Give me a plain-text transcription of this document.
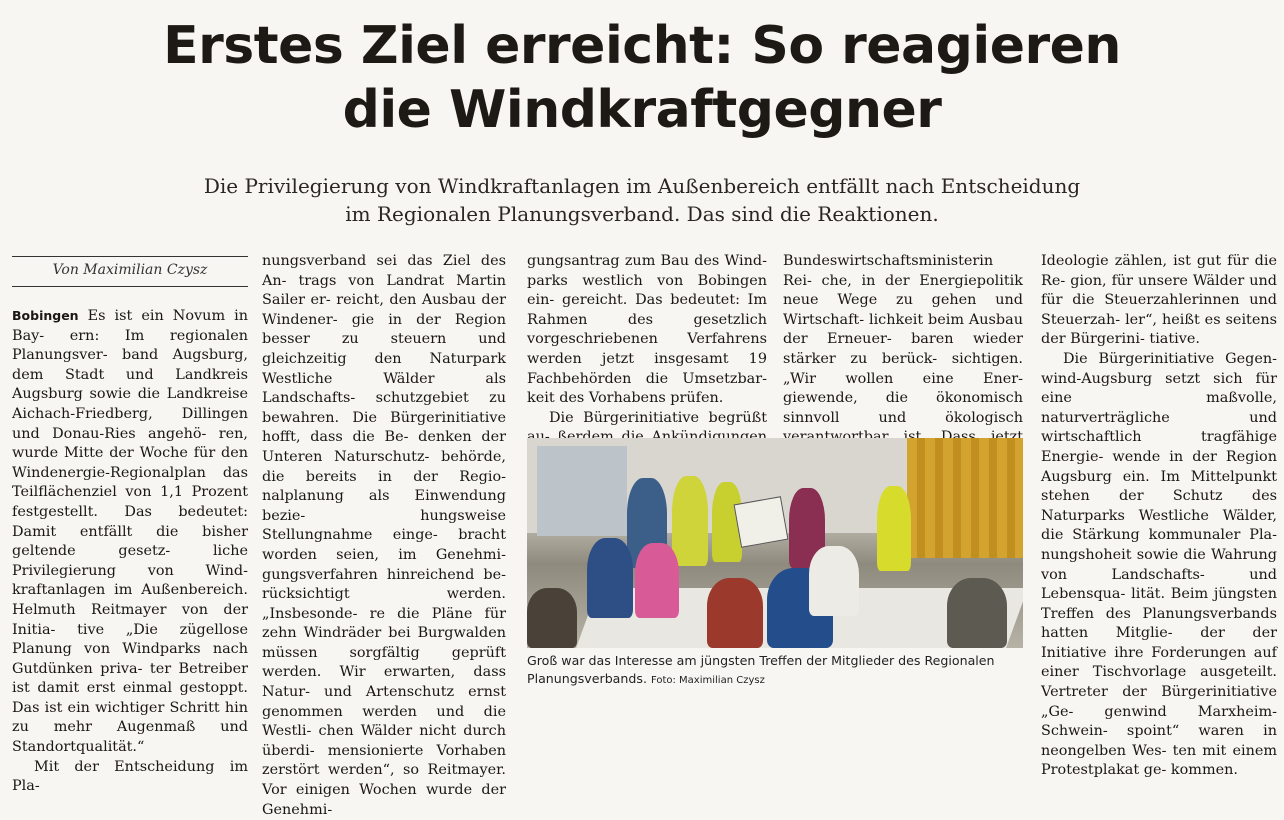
Erstes Ziel erreicht: So reagieren
die Windkraftgegner
Die Privilegierung von Windkraftanlagen im Außenbereich entfällt nach Entscheidung
im Regionalen Planungsverband. Das sind die Reaktionen.
Von Maximilian Czysz

Bobingen Es ist ein Novum in Bay- ern: Im regionalen Planungsver- band Augsburg, dem Stadt und Landkreis Augsburg sowie die Landkreise Aichach-Friedberg, Dillingen und Donau-Ries angehö- ren, wurde Mitte der Woche für den Windenergie-Regionalplan das Teilflächenziel von 1,1 Prozent festgestellt. Das bedeutet: Damit entfällt die bisher geltende gesetz- liche Privilegierung von Wind- kraftanlagen im Außenbereich. Helmuth Reitmayer von der Initia- tive „Die zügellose Planung von Windparks nach Gutdünken priva- ter Betreiber ist damit erst einmal gestoppt. Das ist ein wichtiger Schritt hin zu mehr Augenmaß und Standortqualität.“

Mit der Entscheidung im Pla-

nungsverband sei das Ziel des An- trags von Landrat Martin Sailer er- reicht, den Ausbau der Windener- gie in der Region besser zu steuern und gleichzeitig den Naturpark Westliche Wälder als Landschafts- schutzgebiet zu bewahren. Die Bürgerinitiative hofft, dass die Be- denken der Unteren Naturschutz- behörde, die bereits in der Regio- nalplanung als Einwendung bezie- hungsweise Stellungnahme einge- bracht worden seien, im Genehmi- gungsverfahren hinreichend be- rücksichtigt werden. „Insbesonde- re die Pläne für zehn Windräder bei Burgwalden müssen sorgfältig geprüft werden. Wir erwarten, dass Natur- und Artenschutz ernst genommen werden und die Westli- chen Wälder nicht durch überdi- mensionierte Vorhaben zerstört werden“, so Reitmayer. Vor einigen Wochen wurde der Genehmi-

gungsantrag zum Bau des Wind- parks westlich von Bobingen ein- gereicht. Das bedeutet: Im Rahmen des gesetzlich vorgeschriebenen Verfahrens werden jetzt insgesamt 19 Fachbehörden die Umsetzbar- keit des Vorhabens prüfen.

Die Bürgerinitiative begrüßt

Bundeswirtschaftsministerin Rei- che, in der Energiepolitik neue Wege zu gehen und Wirtschaft- lichkeit beim Ausbau der Erneuer- baren wieder stärker zu berück- sichtigen. „Wir wollen eine Ener- giewende, die ökonomisch sinnvoll und ökologisch

Ideologie zählen, ist gut für die Re- gion, für unsere Wälder und für die Steuerzahlerinnen und Steuerzah- ler“, heißt es seitens der Bürgerini- tiative.

Die Bürgerinitiative Gegen- wind-Augsburg setzt sich für eine maßvolle, naturverträgliche und wirtschaftlich tragfähige Energie- wende in der Region Augsburg ein. Im Mittelpunkt stehen der Schutz des Naturparks Westliche Wälder, die Stärkung kommunaler Pla- nungshoheit sowie die Wahrung von Landschafts- und Lebensqua- lität. Beim jüngsten Treffen des Planungsverbands hatten Mitglie- der der Initiative ihre Forderungen auf einer Tischvorlage ausgeteilt. Vertreter der Bürgerinitiative „Ge- genwind Marxheim-Schwein- spoint“ waren in neongelben Wes- ten mit einem Protestplakat ge- kommen.

Groß war das Interesse am jüngsten Treffen der Mitglieder des Regionalen Planungsverbands. Foto: Maximilian Czysz
